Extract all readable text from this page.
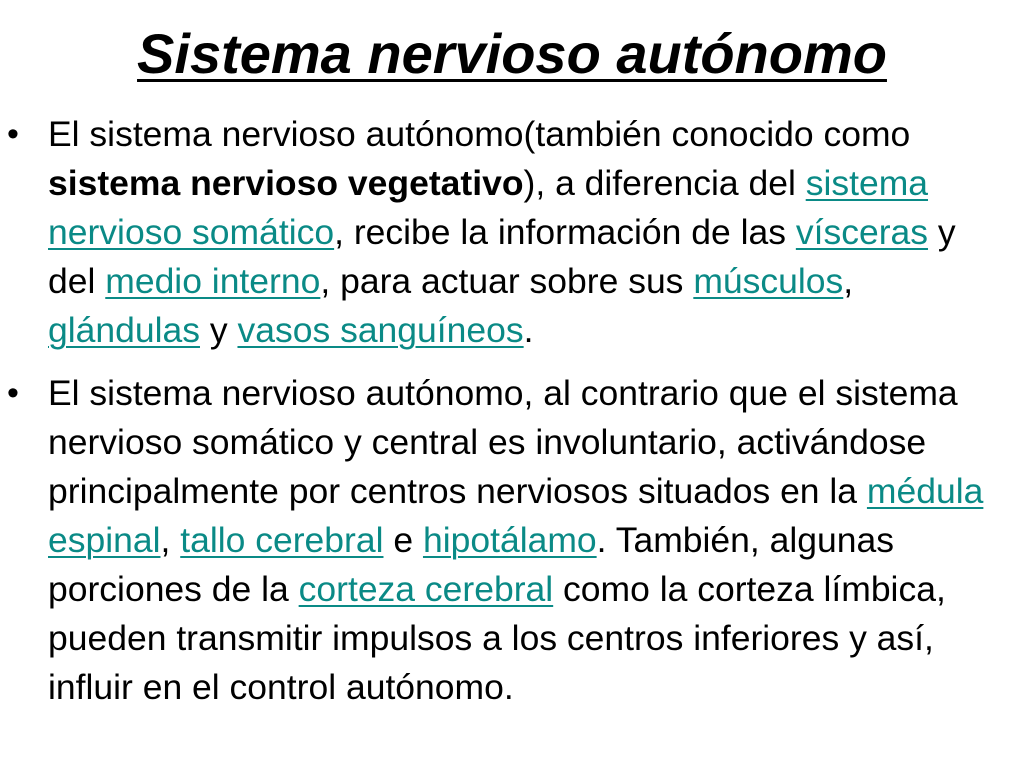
Sistema nervioso autónomo
• El sistema nervioso autónomo(también conocido como sistema nervioso vegetativo), a diferencia del sistema nervioso somático, recibe la información de las vísceras y del medio interno, para actuar sobre sus músculos, glándulas y vasos sanguíneos.
• El sistema nervioso autónomo, al contrario que el sistema nervioso somático y central es involuntario, activándose principalmente por centros nerviosos situados en la médula espinal, tallo cerebral e hipotálamo. También, algunas porciones de la corteza cerebral como la corteza límbica, pueden transmitir impulsos a los centros inferiores y así, influir en el control autónomo.
